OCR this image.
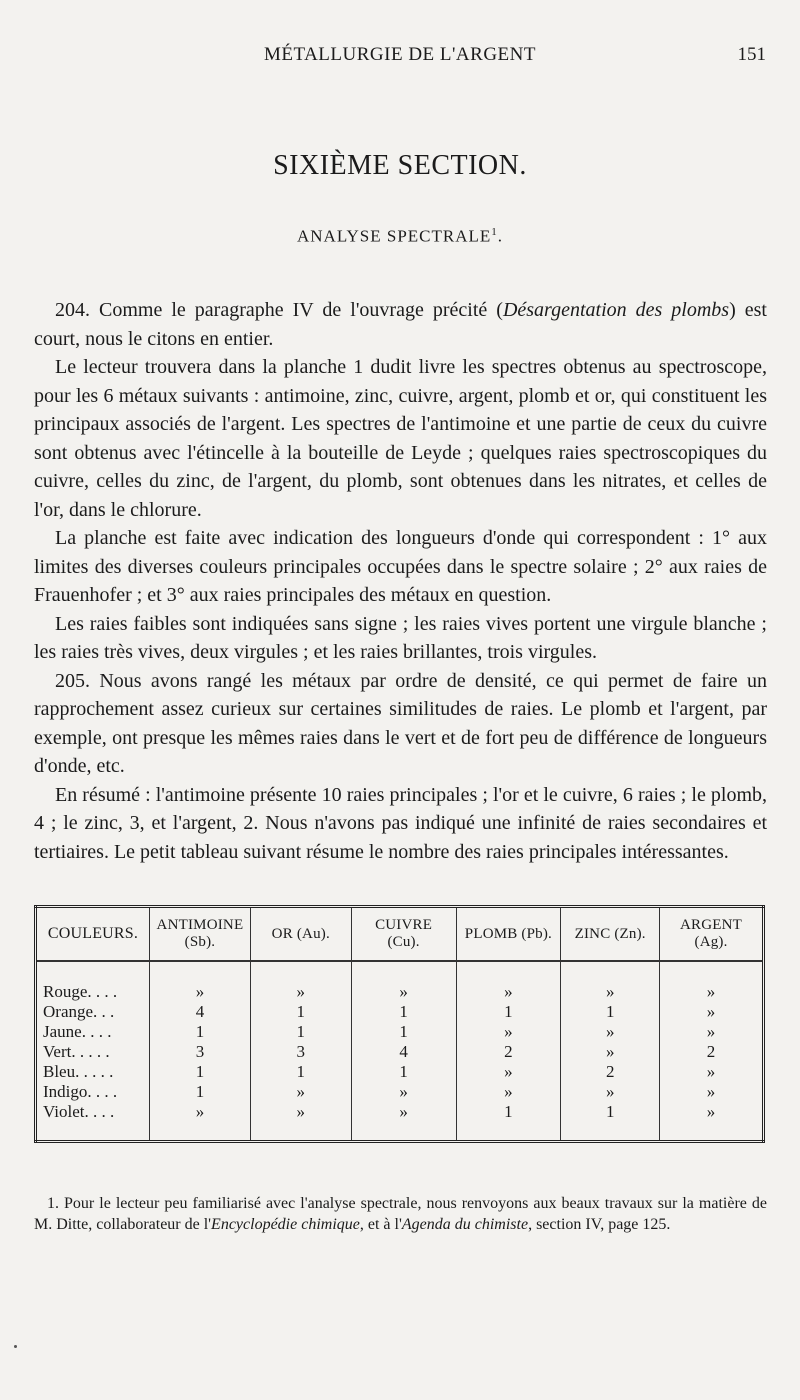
MÉTALLURGIE DE L'ARGENT	151
SIXIÈME SECTION.
ANALYSE SPECTRALE$^1$.

204. Comme le paragraphe IV de l'ouvrage précité (Désargentation des plombs) est court, nous le citons en entier.

Le lecteur trouvera dans la planche 1 dudit livre les spectres obtenus au spectroscope, pour les 6 métaux suivants : antimoine, zinc, cuivre, argent, plomb et or, qui constituent les principaux associés de l'argent. Les spectres de l'antimoine et une partie de ceux du cuivre sont obtenus avec l'étincelle à la bouteille de Leyde ; quelques raies spectroscopiques du cuivre, celles du zinc, de l'argent, du plomb, sont obtenues dans les nitrates, et celles de l'or, dans le chlorure.

La planche est faite avec indication des longueurs d'onde qui correspondent : 1° aux limites des diverses couleurs principales occupées dans le spectre solaire ; 2° aux raies de Frauenhofer ; et 3° aux raies principales des métaux en question.

Les raies faibles sont indiquées sans signe ; les raies vives portent une virgule blanche ; les raies très vives, deux virgules ; et les raies brillantes, trois virgules.

205. Nous avons rangé les métaux par ordre de densité, ce qui permet de faire un rapprochement assez curieux sur certaines similitudes de raies. Le plomb et l'argent, par exemple, ont presque les mêmes raies dans le vert et de fort peu de différence de longueurs d'onde, etc.

En résumé : l'antimoine présente 10 raies principales ; l'or et le cuivre, 6 raies ; le plomb, 4 ; le zinc, 3, et l'argent, 2. Nous n'avons pas indiqué une infinité de raies secondaires et tertiaires. Le petit tableau suivant résume le nombre des raies principales intéressantes.

COULEURS.	ANTIMOINE (Sb).	OR (Au).	CUIVRE (Cu).	PLOMB (Pb).	ZINC (Zn).	ARGENT (Ag).
Rouge. . . .	»	»	»	»	»	»
Orange. . .	4	1	1	1	1	»
Jaune. . . .	1	1	1	»	»	»
Vert. . . . .	3	3	4	2	»	2
Bleu. . . . .	1	1	1	»	2	»
Indigo. . . .	1	»	»	»	»	»
Violet. . . .	»	»	»	1	1	»

1. Pour le lecteur peu familiarisé avec l'analyse spectrale, nous renvoyons aux beaux travaux sur la matière de M. Ditte, collaborateur de l'Encyclopédie chimique, et à l'Agenda du chimiste, section IV, page 125.
